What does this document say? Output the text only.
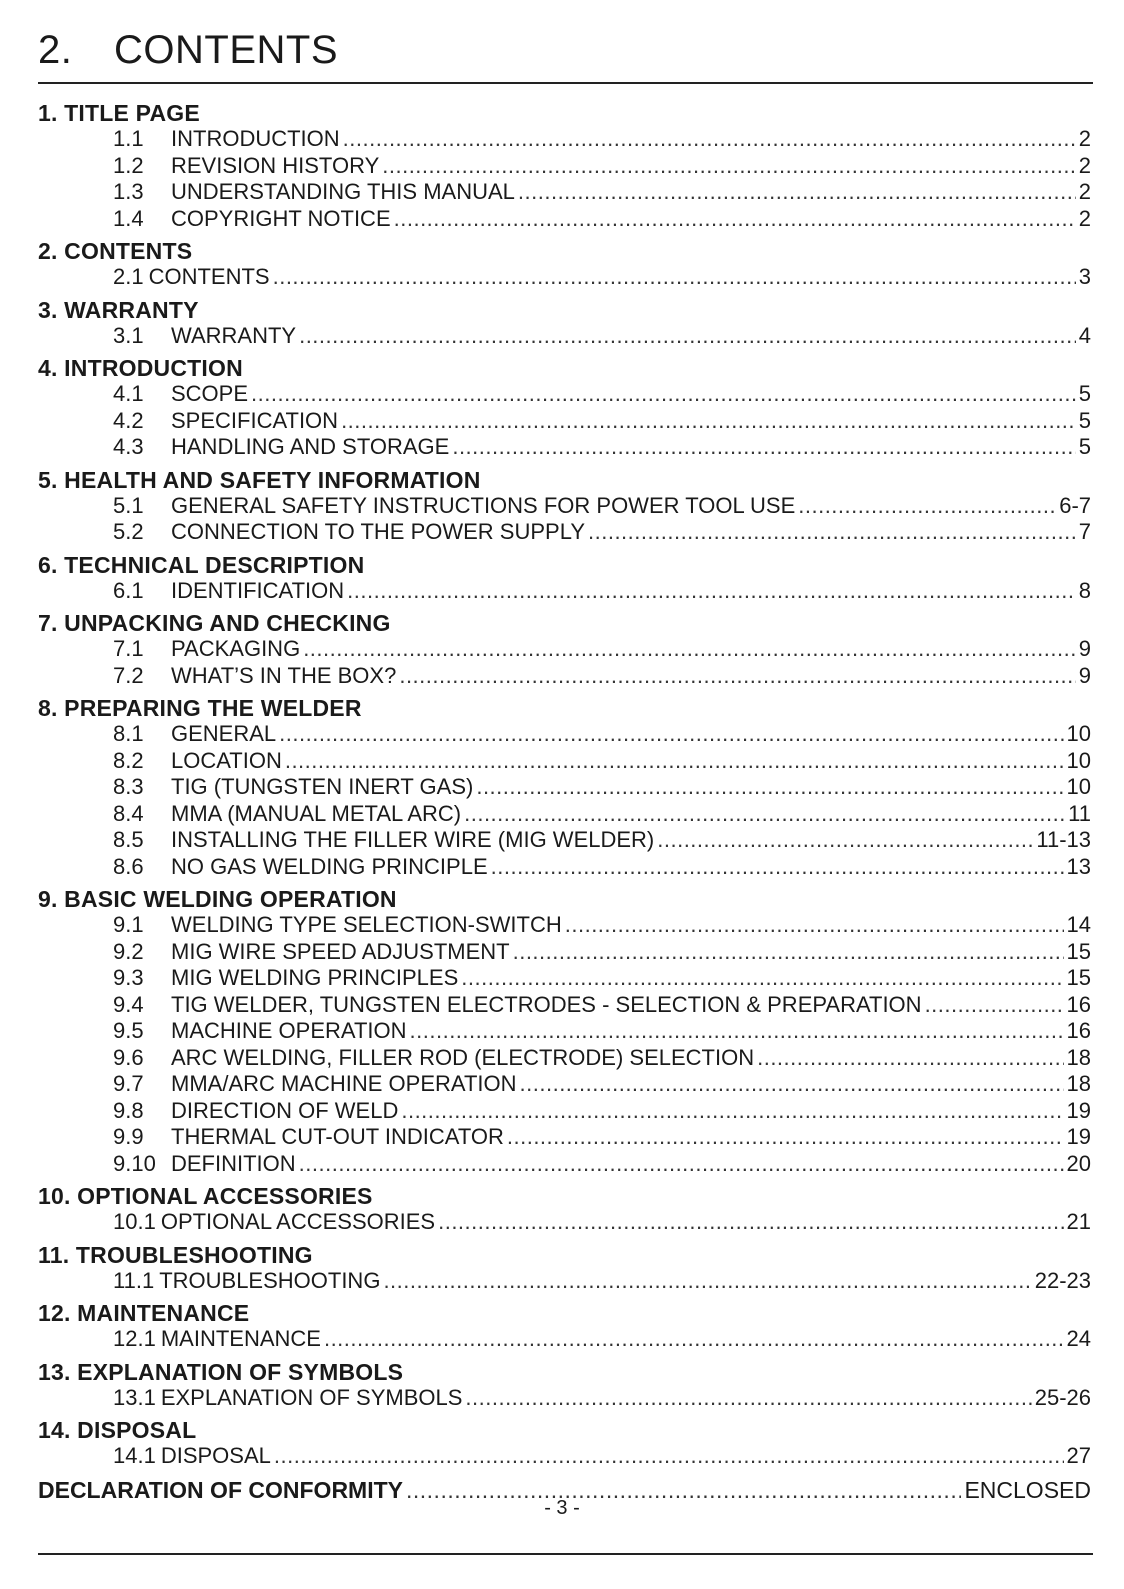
2. CONTENTS
1. TITLE PAGE
1.1	INTRODUCTION .....	2
1.2	REVISION HISTORY .....	2
1.3	UNDERSTANDING THIS MANUAL .....	2
1.4	COPYRIGHT NOTICE .....	2
2. CONTENTS
2.1 CONTENTS .....	3
3. WARRANTY
3.1	WARRANTY .....	4
4. INTRODUCTION
4.1	SCOPE .....	5
4.2	SPECIFICATION .....	5
4.3	HANDLING AND STORAGE .....	5
5. HEALTH AND SAFETY INFORMATION
5.1	GENERAL SAFETY INSTRUCTIONS FOR POWER TOOL USE .....	6-7
5.2	CONNECTION TO THE POWER SUPPLY .....	7
6. TECHNICAL DESCRIPTION
6.1	IDENTIFICATION .....	8
7. UNPACKING AND CHECKING
7.1	PACKAGING .....	9
7.2	WHAT’S IN THE BOX? .....	9
8. PREPARING THE WELDER
8.1	GENERAL .....	10
8.2	LOCATION .....	10
8.3	TIG (TUNGSTEN INERT GAS) .....	10
8.4	MMA (MANUAL METAL ARC) .....	11
8.5	INSTALLING THE FILLER WIRE (MIG WELDER) .....	11-13
8.6	NO GAS WELDING PRINCIPLE .....	13
9. BASIC WELDING OPERATION
9.1	WELDING TYPE SELECTION-SWITCH .....	14
9.2	MIG WIRE SPEED ADJUSTMENT .....	15
9.3	MIG WELDING PRINCIPLES .....	15
9.4	TIG WELDER, TUNGSTEN ELECTRODES - SELECTION & PREPARATION .....	16
9.5	MACHINE OPERATION .....	16
9.6	ARC WELDING, FILLER ROD (ELECTRODE) SELECTION .....	18
9.7	MMA/ARC MACHINE OPERATION .....	18
9.8	DIRECTION OF WELD .....	19
9.9	THERMAL CUT-OUT INDICATOR .....	19
9.10 DEFINITION .....	20
10. OPTIONAL ACCESSORIES
10.1 OPTIONAL ACCESSORIES .....	21
11. TROUBLESHOOTING
11.1 TROUBLESHOOTING .....	22-23
12. MAINTENANCE
12.1 MAINTENANCE .....	24
13. EXPLANATION OF SYMBOLS
13.1 EXPLANATION OF SYMBOLS .....	25-26
14. DISPOSAL
14.1 DISPOSAL .....	27
DECLARATION OF CONFORMITY .....	ENCLOSED
- 3 -
